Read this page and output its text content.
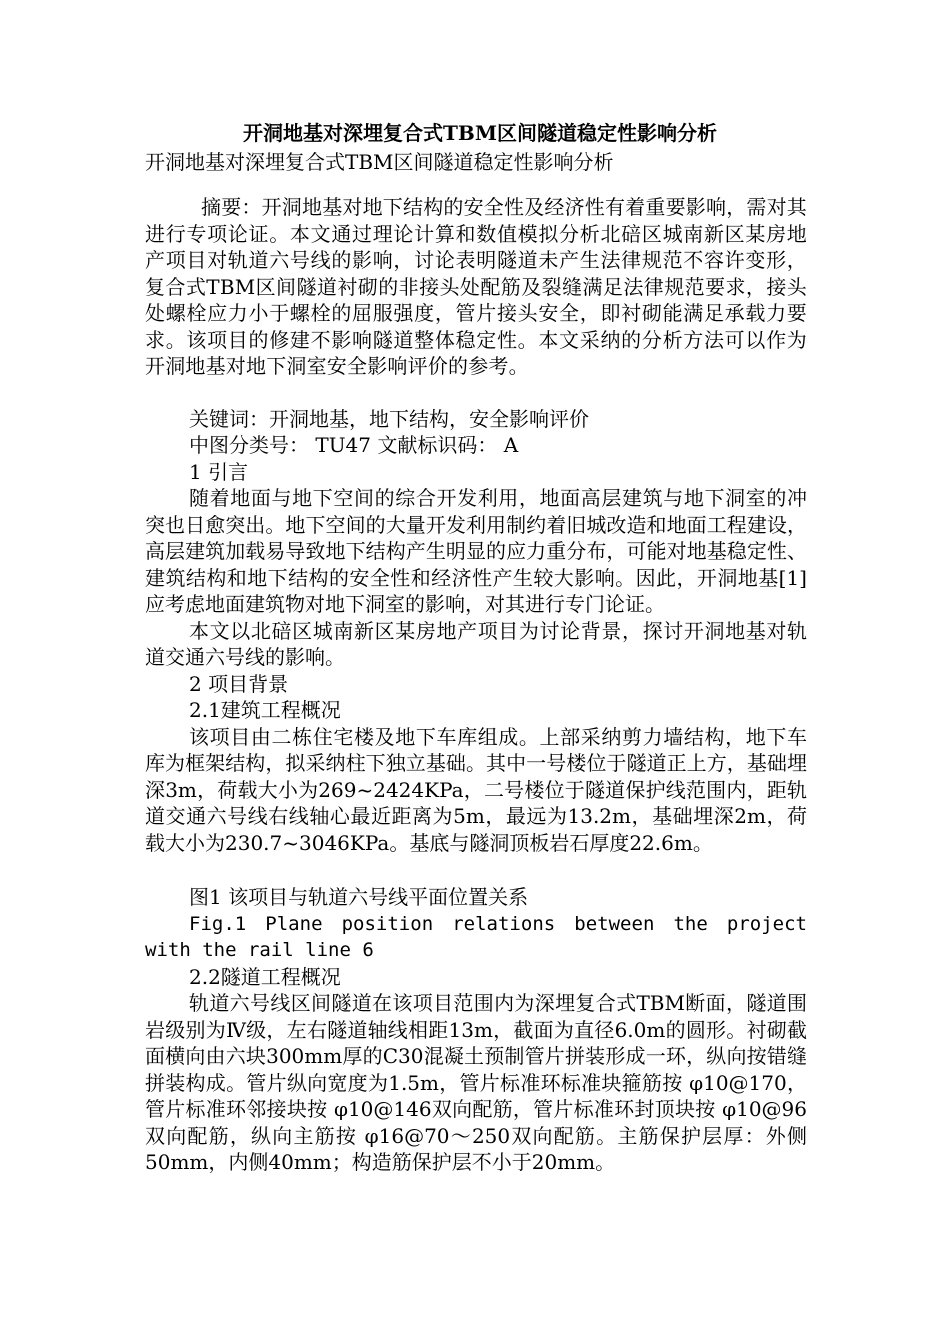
开洞地基对深埋复合式TBM区间隧道稳定性影响分析

开洞地基对深埋复合式TBM区间隧道稳定性影响分析

摘要：开洞地基对地下结构的安全性及经济性有着重要影响，需对其进行专项论证。本文通过理论计算和数值模拟分析北碚区城南新区某房地产项目对轨道六号线的影响，讨论表明隧道未产生法律规范不容许变形，复合式TBM区间隧道衬砌的非接头处配筋及裂缝满足法律规范要求，接头处螺栓应力小于螺栓的屈服强度，管片接头安全，即衬砌能满足承载力要求。该项目的修建不影响隧道整体稳定性。本文采纳的分析方法可以作为开洞地基对地下洞室安全影响评价的参考。

关键词：开洞地基，地下结构，安全影响评价

中图分类号： TU47 文献标识码： A

1 引言

随着地面与地下空间的综合开发利用，地面高层建筑与地下洞室的冲突也日愈突出。地下空间的大量开发利用制约着旧城改造和地面工程建设，高层建筑加载易导致地下结构产生明显的应力重分布，可能对地基稳定性、建筑结构和地下结构的安全性和经济性产生较大影响。因此，开洞地基[1]应考虑地面建筑物对地下洞室的影响，对其进行专门论证。

本文以北碚区城南新区某房地产项目为讨论背景，探讨开洞地基对轨道交通六号线的影响。

2 项目背景

2.1建筑工程概况

该项目由二栋住宅楼及地下车库组成。上部采纳剪力墙结构，地下车库为框架结构，拟采纳柱下独立基础。其中一号楼位于隧道正上方，基础埋深3m，荷载大小为269~2424KPa，二号楼位于隧道保护线范围内，距轨道交通六号线右线轴心最近距离为5m，最远为13.2m，基础埋深2m，荷载大小为230.7~3046KPa。基底与隧洞顶板岩石厚度22.6m。

图1 该项目与轨道六号线平面位置关系

Fig.1 Plane position relations between the project with the rail line 6

2.2隧道工程概况

轨道六号线区间隧道在该项目范围内为深埋复合式TBM断面，隧道围岩级别为Ⅳ级，左右隧道轴线相距13m，截面为直径6.0m的圆形。衬砌截面横向由六块300mm厚的C30混凝土预制管片拼装形成一环，纵向按错缝拼装构成。管片纵向宽度为1.5m，管片标准环标准块箍筋按 φ10@170，管片标准环邻接块按 φ10@146双向配筋，管片标准环封顶块按 φ10@96双向配筋，纵向主筋按 φ16@70～250双向配筋。主筋保护层厚：外侧50mm，内侧40mm；构造筋保护层不小于20mm。
